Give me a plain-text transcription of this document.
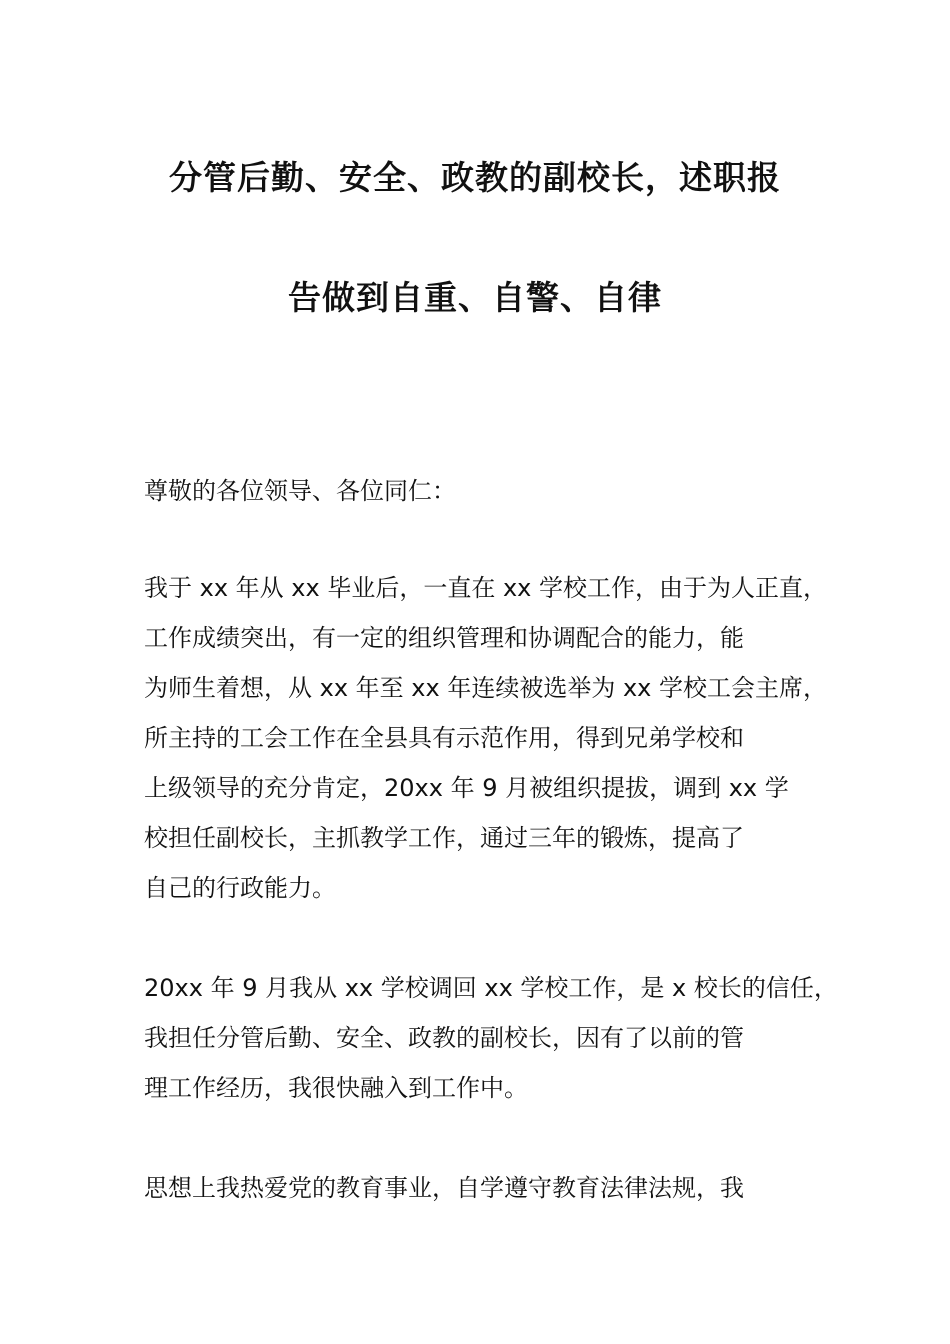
分管后勤、安全、政教的副校长，述职报
告做到自重、自警、自律

尊敬的各位领导、各位同仁：

我于 xx 年从 xx 毕业后，一直在 xx 学校工作，由于为人正直，
工作成绩突出，有一定的组织管理和协调配合的能力，能
为师生着想，从 xx 年至 xx 年连续被选举为 xx 学校工会主席，
所主持的工会工作在全县具有示范作用，得到兄弟学校和
上级领导的充分肯定，20xx 年 9 月被组织提拔，调到 xx 学
校担任副校长，主抓教学工作，通过三年的锻炼，提高了
自己的行政能力。
20xx 年 9 月我从 xx 学校调回 xx 学校工作，是 x 校长的信任，
我担任分管后勤、安全、政教的副校长，因有了以前的管
理工作经历，我很快融入到工作中。
思想上我热爱党的教育事业，自学遵守教育法律法规，我
